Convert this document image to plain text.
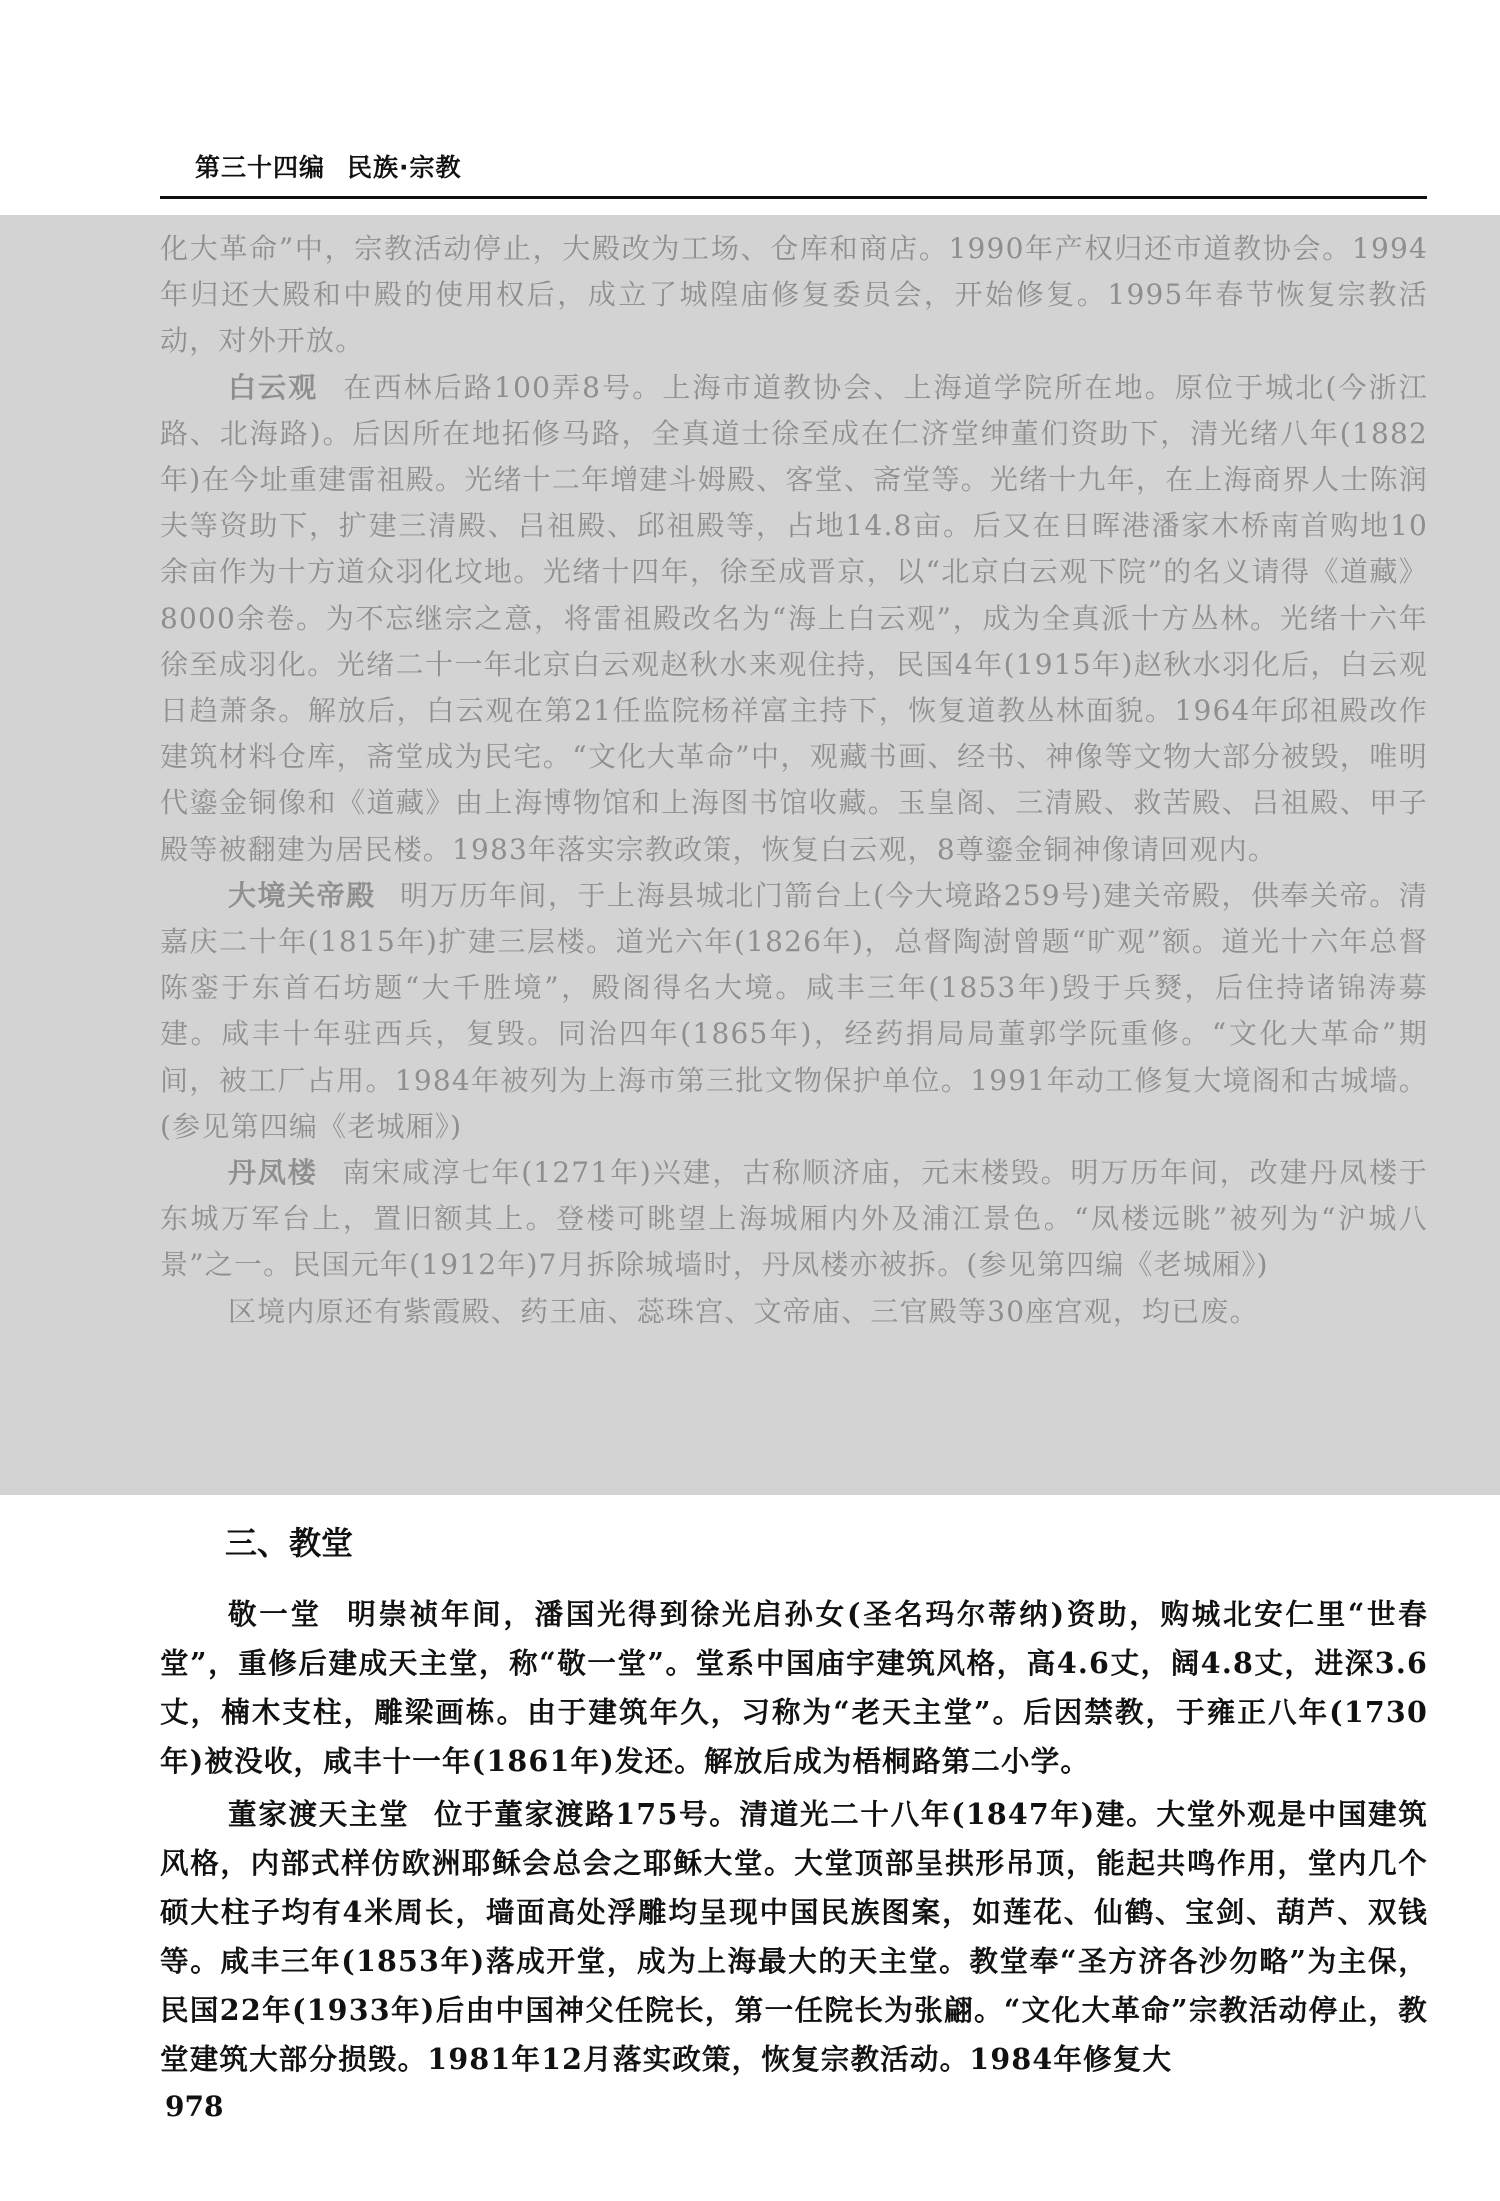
第三十四编 民族·宗教

化大革命”中，宗教活动停止，大殿改为工场、仓库和商店。1990年产权归还市道教协会。1994年归还大殿和中殿的使用权后，成立了城隍庙修复委员会，开始修复。1995年春节恢复宗教活动，对外开放。

白云观 在西林后路100弄8号。上海市道教协会、上海道学院所在地。原位于城北(今浙江路、北海路)。后因所在地拓修马路，全真道士徐至成在仁济堂绅董们资助下，清光绪八年(1882年)在今址重建雷祖殿。光绪十二年增建斗姆殿、客堂、斋堂等。光绪十九年，在上海商界人士陈润夫等资助下，扩建三清殿、吕祖殿、邱祖殿等，占地14.8亩。后又在日晖港潘家木桥南首购地10余亩作为十方道众羽化坟地。光绪十四年，徐至成晋京，以“北京白云观下院”的名义请得《道藏》8000余卷。为不忘继宗之意，将雷祖殿改名为“海上白云观”，成为全真派十方丛林。光绪十六年徐至成羽化。光绪二十一年北京白云观赵秋水来观住持，民国4年(1915年)赵秋水羽化后，白云观日趋萧条。解放后，白云观在第21任监院杨祥富主持下，恢复道教丛林面貌。1964年邱祖殿改作建筑材料仓库，斋堂成为民宅。“文化大革命”中，观藏书画、经书、神像等文物大部分被毁，唯明代鎏金铜像和《道藏》由上海博物馆和上海图书馆收藏。玉皇阁、三清殿、救苦殿、吕祖殿、甲子殿等被翻建为居民楼。1983年落实宗教政策，恢复白云观，8尊鎏金铜神像请回观内。

大境关帝殿 明万历年间，于上海县城北门箭台上(今大境路259号)建关帝殿，供奉关帝。清嘉庆二十年(1815年)扩建三层楼。道光六年(1826年)，总督陶澍曾题“旷观”额。道光十六年总督陈銮于东首石坊题“大千胜境”，殿阁得名大境。咸丰三年(1853年)毁于兵燹，后住持诸锦涛募建。咸丰十年驻西兵，复毁。同治四年(1865年)，经药捐局局董郭学阮重修。“文化大革命”期间，被工厂占用。1984年被列为上海市第三批文物保护单位。1991年动工修复大境阁和古城墙。(参见第四编《老城厢》)

丹凤楼 南宋咸淳七年(1271年)兴建，古称顺济庙，元末楼毁。明万历年间，改建丹凤楼于东城万军台上，置旧额其上。登楼可眺望上海城厢内外及浦江景色。“凤楼远眺”被列为“沪城八景”之一。民国元年(1912年)7月拆除城墙时，丹凤楼亦被拆。(参见第四编《老城厢》)

区境内原还有紫霞殿、药王庙、蕊珠宫、文帝庙、三官殿等30座宫观，均已废。

三、教堂

敬一堂 明崇祯年间，潘国光得到徐光启孙女(圣名玛尔蒂纳)资助，购城北安仁里“世春堂”，重修后建成天主堂，称“敬一堂”。堂系中国庙宇建筑风格，高4.6丈，阔4.8丈，进深3.6丈，楠木支柱，雕梁画栋。由于建筑年久，习称为“老天主堂”。后因禁教，于雍正八年(1730年)被没收，咸丰十一年(1861年)发还。解放后成为梧桐路第二小学。

董家渡天主堂 位于董家渡路175号。清道光二十八年(1847年)建。大堂外观是中国建筑风格，内部式样仿欧洲耶稣会总会之耶稣大堂。大堂顶部呈拱形吊顶，能起共鸣作用，堂内几个硕大柱子均有4米周长，墙面高处浮雕均呈现中国民族图案，如莲花、仙鹤、宝剑、葫芦、双钱等。咸丰三年(1853年)落成开堂，成为上海最大的天主堂。教堂奉“圣方济各沙勿略”为主保，民国22年(1933年)后由中国神父任院长，第一任院长为张翩。“文化大革命”宗教活动停止，教堂建筑大部分损毁。1981年12月落实政策，恢复宗教活动。1984年修复大

978
